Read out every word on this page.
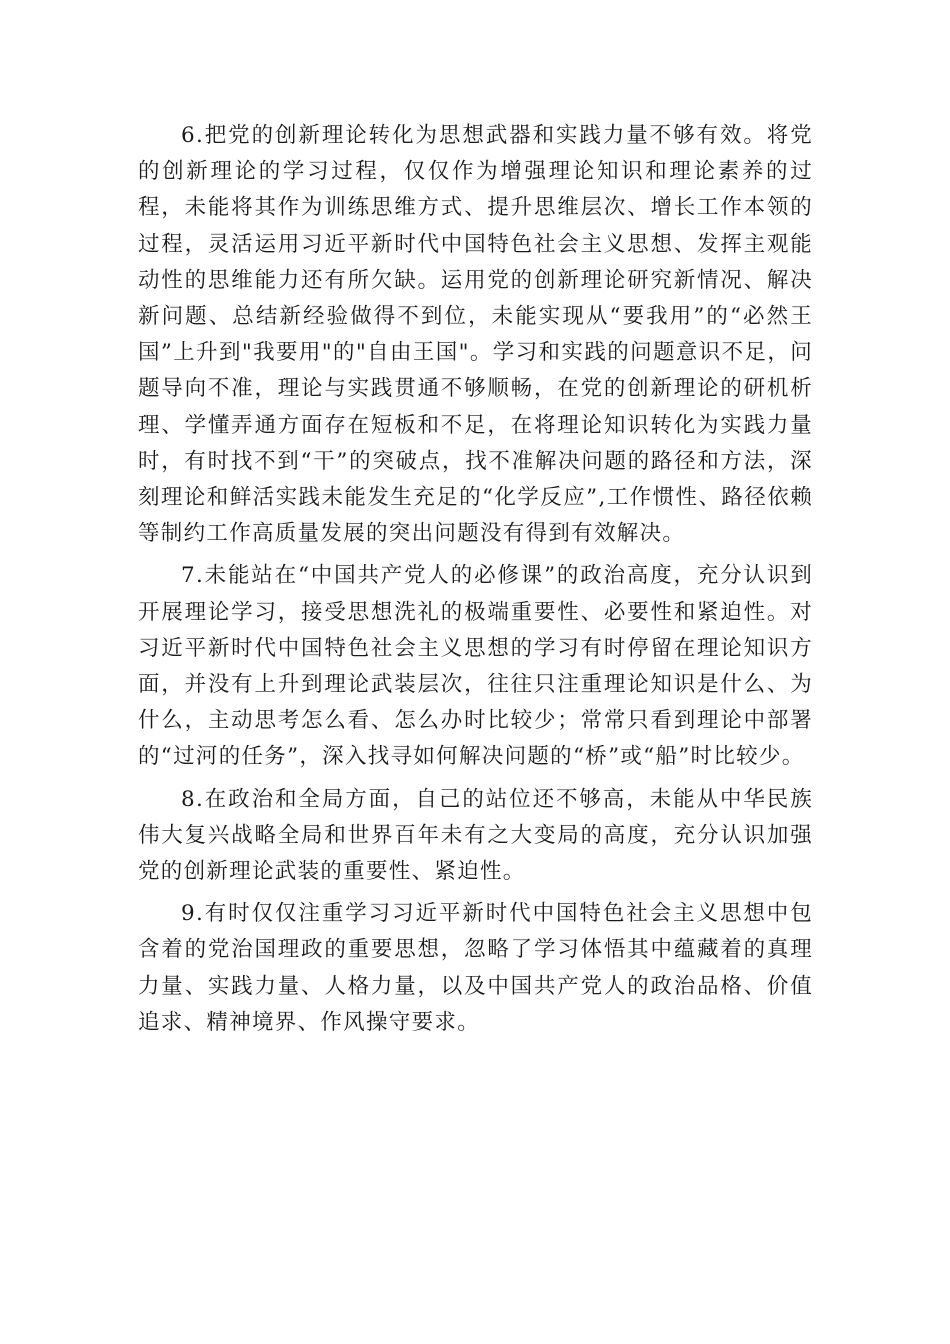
6.把党的创新理论转化为思想武器和实践力量不够有效。将党的创新理论的学习过程，仅仅作为增强理论知识和理论素养的过程，未能将其作为训练思维方式、提升思维层次、增长工作本领的过程，灵活运用习近平新时代中国特色社会主义思想、发挥主观能动性的思维能力还有所欠缺。运用党的创新理论研究新情况、解决新问题、总结新经验做得不到位，未能实现从“要我用”的“必然王国”上升到"我要用"的"自由王国"。学习和实践的问题意识不足，问题导向不准，理论与实践贯通不够顺畅，在党的创新理论的研机析理、学懂弄通方面存在短板和不足，在将理论知识转化为实践力量时，有时找不到“干”的突破点，找不准解决问题的路径和方法，深刻理论和鲜活实践未能发生充足的“化学反应”,工作惯性、路径依赖等制约工作高质量发展的突出问题没有得到有效解决。

7.未能站在“中国共产党人的必修课”的政治高度，充分认识到开展理论学习，接受思想洗礼的极端重要性、必要性和紧迫性。对习近平新时代中国特色社会主义思想的学习有时停留在理论知识方面，并没有上升到理论武装层次，往往只注重理论知识是什么、为什么，主动思考怎么看、怎么办时比较少；常常只看到理论中部署的“过河的任务”，深入找寻如何解决问题的“桥”或“船”时比较少。

8.在政治和全局方面，自己的站位还不够高，未能从中华民族伟大复兴战略全局和世界百年未有之大变局的高度，充分认识加强党的创新理论武装的重要性、紧迫性。

9.有时仅仅注重学习习近平新时代中国特色社会主义思想中包含着的党治国理政的重要思想，忽略了学习体悟其中蕴藏着的真理力量、实践力量、人格力量，以及中国共产党人的政治品格、价值追求、精神境界、作风操守要求。
